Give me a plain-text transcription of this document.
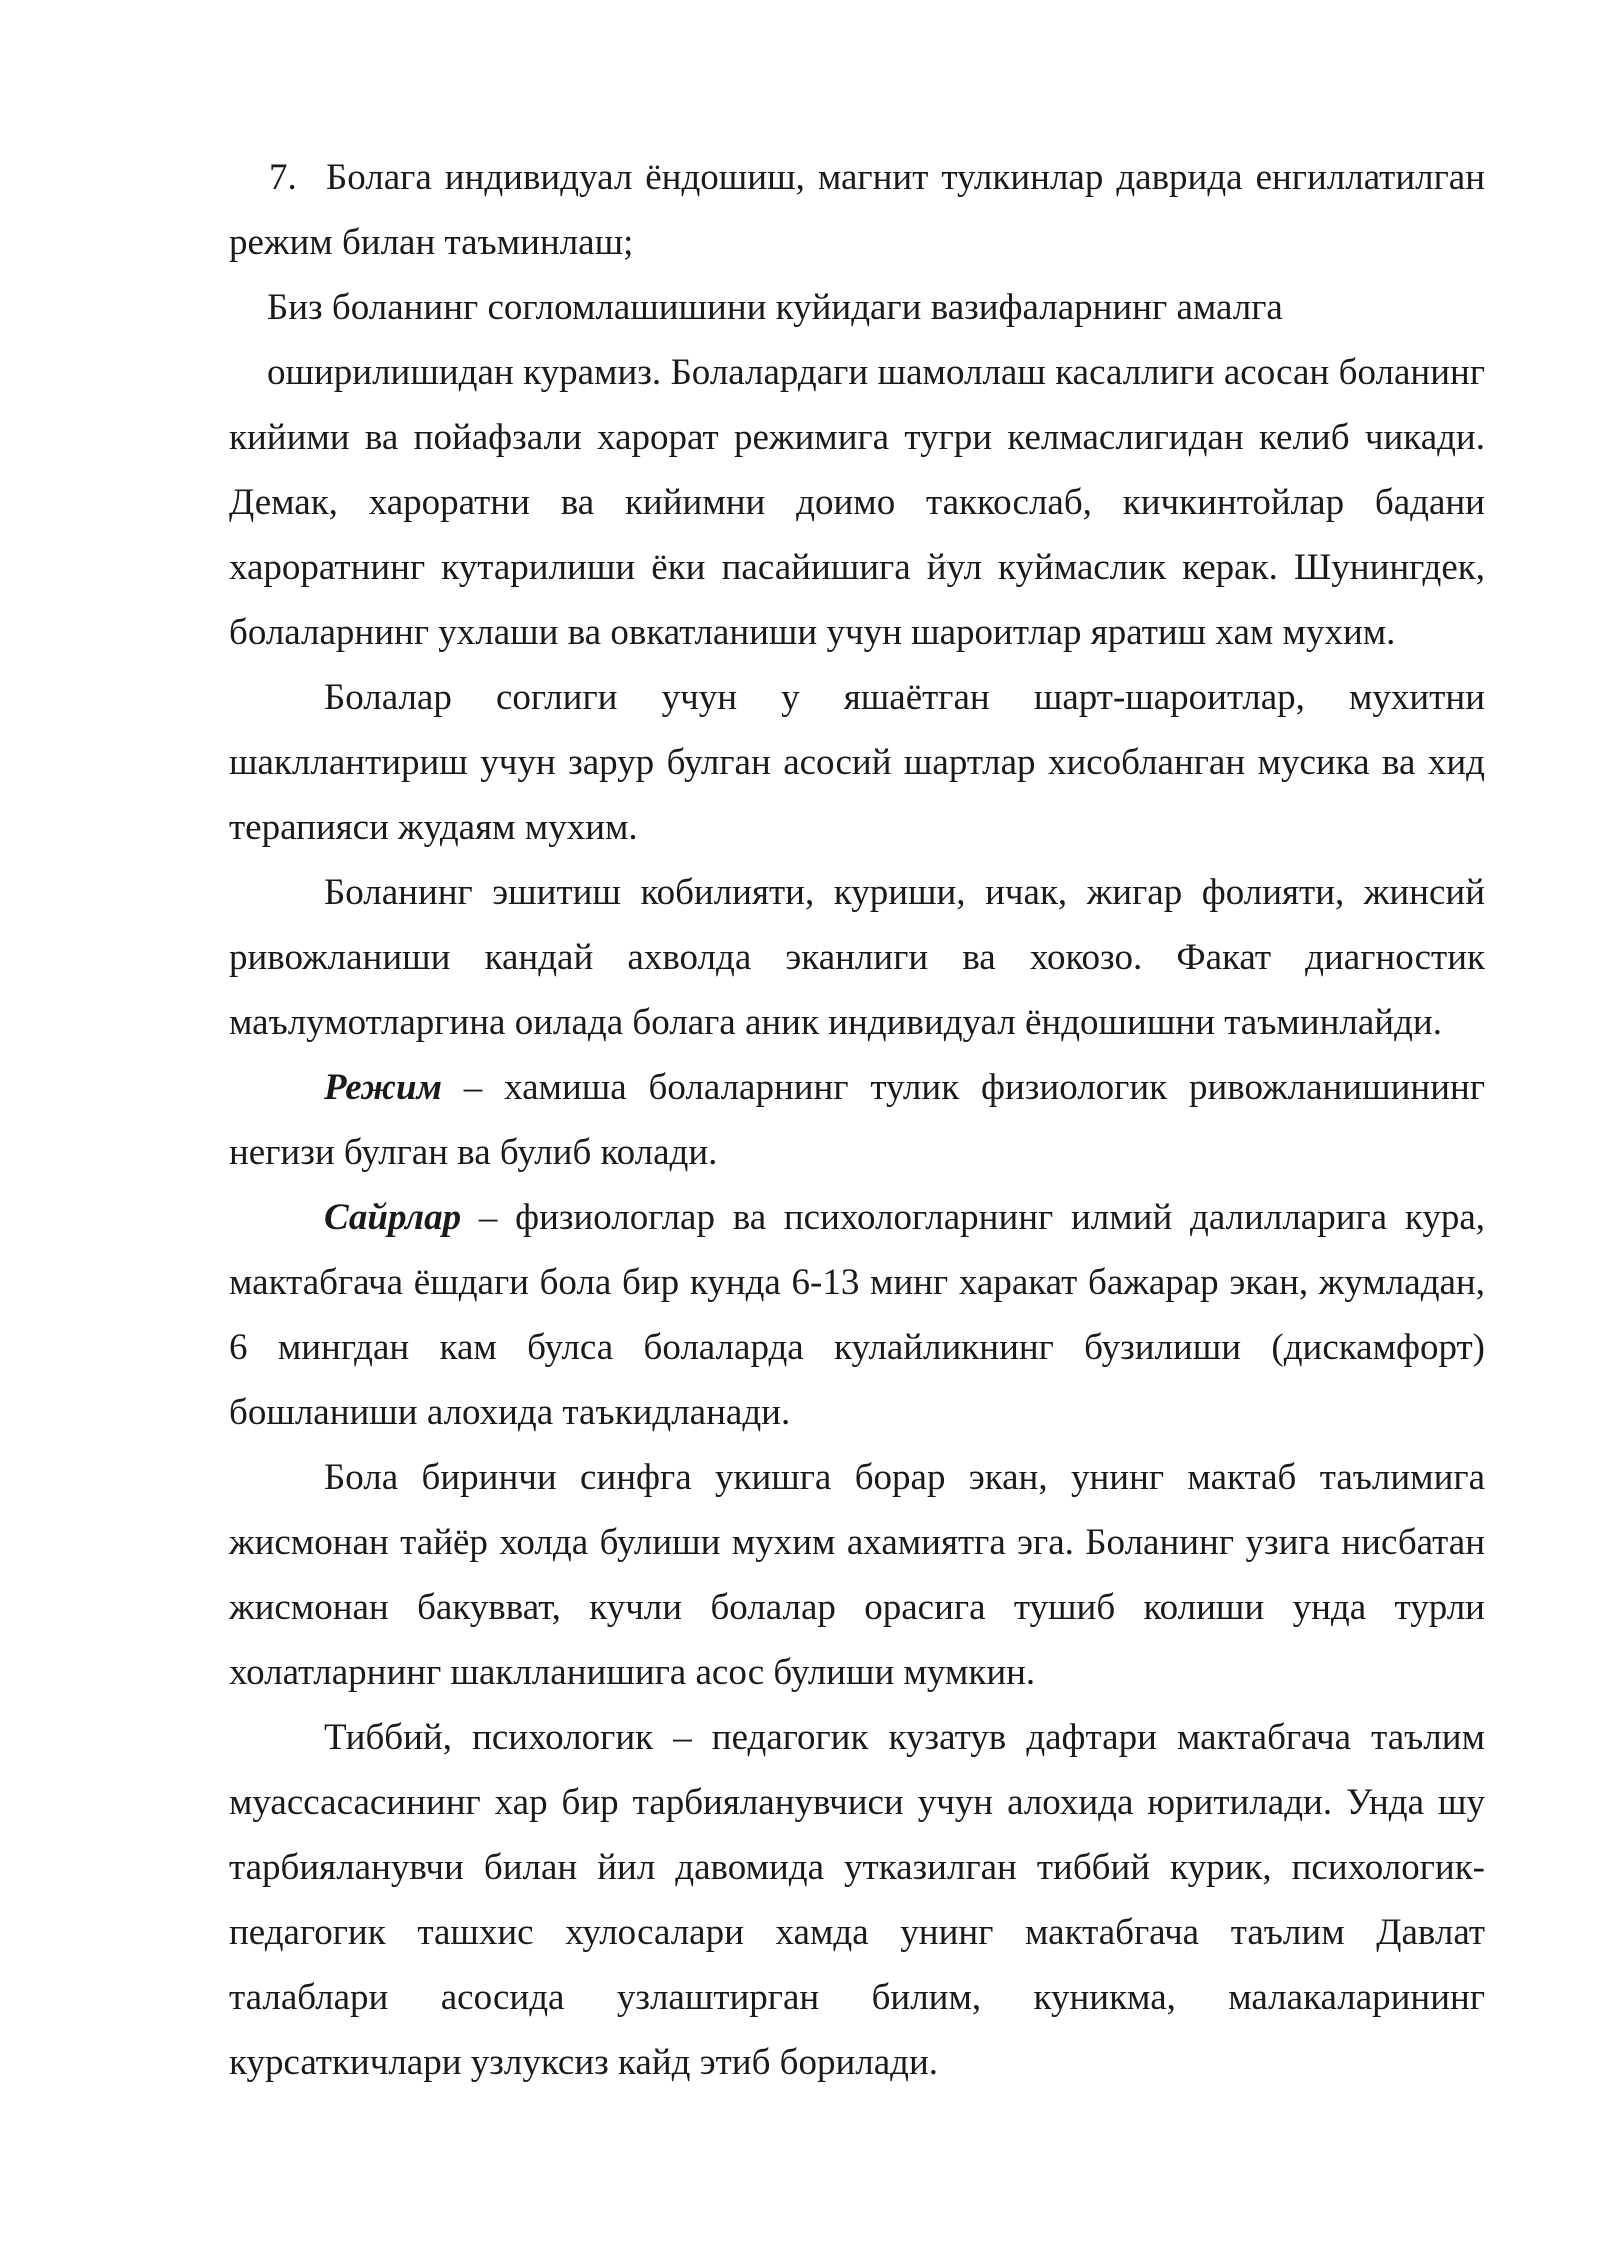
7. Болага индивидуал ёндошиш, магнит тулкинлар даврида енгиллатилган режим билан таъминлаш;

Биз боланинг согломлашишини куйидаги вазифаларнинг амалга

оширилишидан курамиз. Болалардаги шамоллаш касаллиги асосан боланинг кийими ва пойафзали харорат режимига тугри келмаслигидан келиб чикади. Демак, хароратни ва кийимни доимо таккослаб, кичкинтойлар бадани хароратнинг кутарилиши ёки пасайишига йул куймаслик керак. Шунингдек, болаларнинг ухлаши ва овкатланиши учун шароитлар яратиш хам мухим.

Болалар соглиги учун у яшаётган шарт-шароитлар, мухитни шакллантириш учун зарур булган асосий шартлар хисобланган мусика ва хид терапияси жудаям мухим.

Боланинг эшитиш кобилияти, куриши, ичак, жигар фолияти, жинсий ривожланиши кандай ахволда эканлиги ва хокозо. Факат диагностик маълумотларгина оилада болага аник индивидуал ёндошишни таъминлайди.

Режим – хамиша болаларнинг тулик физиологик ривожланишининг негизи булган ва булиб колади.

Сайрлар – физиологлар ва психологларнинг илмий далилларига кура, мактабгача ёшдаги бола бир кунда 6-13 минг харакат бажарар экан, жумладан, 6 мингдан кам булса болаларда кулайликнинг бузилиши (дискамфорт) бошланиши алохида таъкидланади.

Бола биринчи синфга укишга борар экан, унинг мактаб таълимига жисмонан тайёр холда булиши мухим ахамиятга эга. Боланинг узига нисбатан жисмонан бакувват, кучли болалар орасига тушиб колиши унда турли холатларнинг шаклланишига асос булиши мумкин.

Тиббий, психологик – педагогик кузатув дафтари мактабгача таълим муассасасининг хар бир тарбияланувчиси учун алохида юритилади. Унда шу тарбияланувчи билан йил давомида утказилган тиббий курик, психологик-педагогик ташхис хулосалари хамда унинг мактабгача таълим Давлат талаблари асосида узлаштирган билим, куникма, малакаларининг курсаткичлари узлуксиз кайд этиб борилади.
